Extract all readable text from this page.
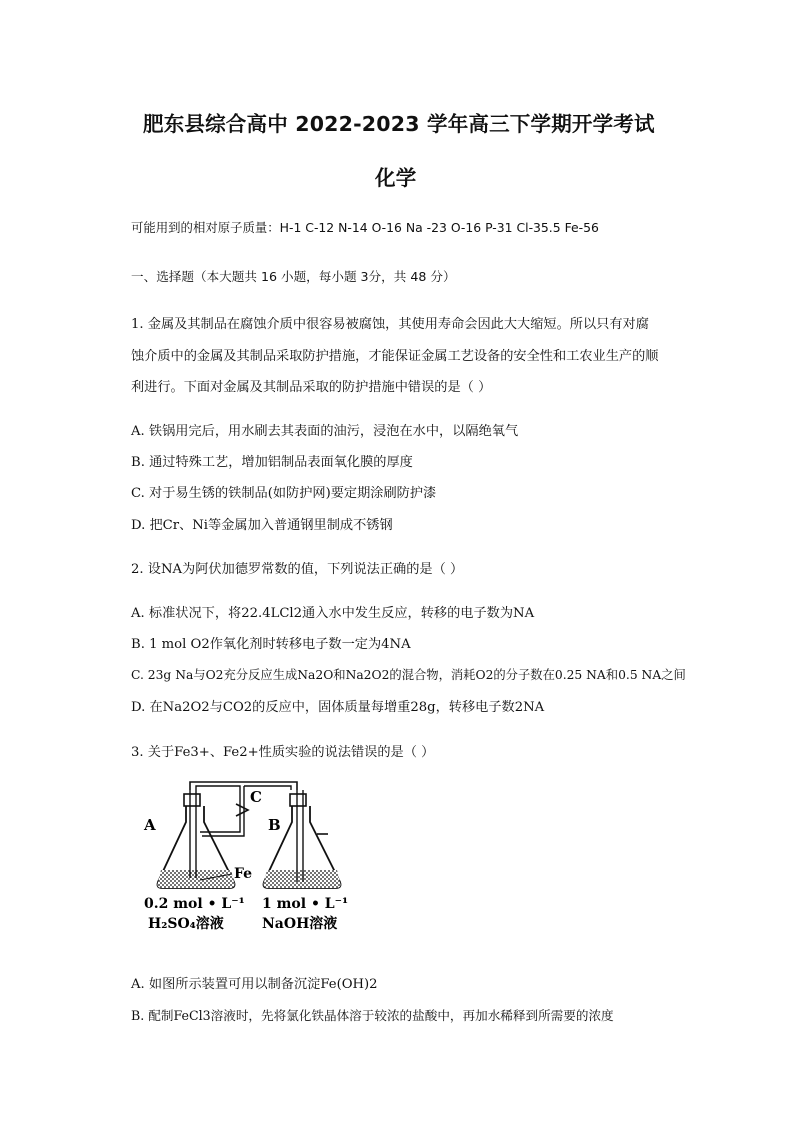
肥东县综合高中 2022-2023 学年高三下学期开学考试
化学
可能用到的相对原子质量：H-1 C-12 N-14 O-16 Na -23 O-16 P-31 Cl-35.5 Fe-56
一、选择题（本大题共 16 小题，每小题 3分，共 48 分）
1. 金属及其制品在腐蚀介质中很容易被腐蚀，其使用寿命会因此大大缩短。所以只有对腐
蚀介质中的金属及其制品采取防护措施，才能保证金属工艺设备的安全性和工农业生产的顺
利进行。下面对金属及其制品采取的防护措施中错误的是（ ）
A. 铁锅用完后，用水刷去其表面的油污，浸泡在水中，以隔绝氧气
B. 通过特殊工艺，增加铝制品表面氧化膜的厚度
C. 对于易生锈的铁制品(如防护网)要定期涂刷防护漆
D. 把Cr、Ni等金属加入普通钢里制成不锈钢
2. 设NA为阿伏加德罗常数的值，下列说法正确的是（ ）
A. 标准状况下，将22.4LCl2通入水中发生反应，转移的电子数为NA
B. 1 mol O2作氧化剂时转移电子数一定为4NA
C. 23g Na与O2充分反应生成Na2O和Na2O2的混合物，消耗O2的分子数在0.25 NA和0.5 NA之间
D. 在Na2O2与CO2的反应中，固体质量每增重28g，转移电子数2NA
3. 关于Fe3+、Fe2+性质实验的说法错误的是（ ）
A	B
C
Fe
0.2 mol • L⁻¹ 1 mol • L⁻¹
H₂SO₄溶液	NaOH溶液
A. 如图所示装置可用以制备沉淀Fe(OH)2
B. 配制FeCl3溶液时，先将氯化铁晶体溶于较浓的盐酸中，再加水稀释到所需要的浓度
